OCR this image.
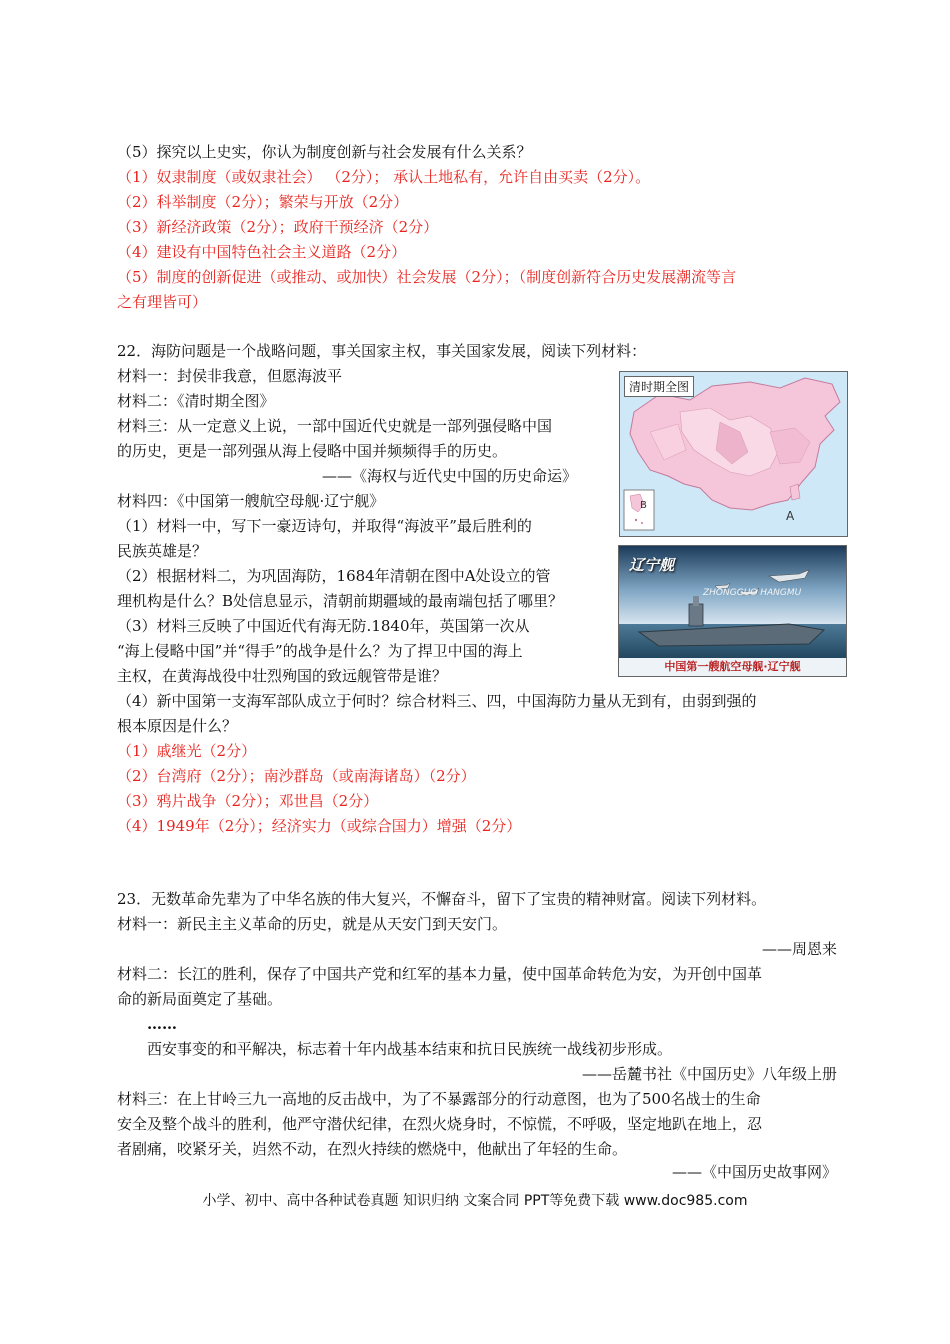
（5）探究以上史实，你认为制度创新与社会发展有什么关系？
（1）奴隶制度（或奴隶社会） （2分）； 承认土地私有，允许自由买卖（2分）。
（2）科举制度（2分）；繁荣与开放（2分）
（3）新经济政策（2分）；政府干预经济（2分）
（4）建设有中国特色社会主义道路（2分）
（5）制度的创新促进（或推动、或加快）社会发展（2分）；（制度创新符合历史发展潮流等言
之有理皆可）
22．海防问题是一个战略问题，事关国家主权，事关国家发展，阅读下列材料：
材料一：封侯非我意，但愿海波平
材料二：《清时期全图》
材料三：从一定意义上说，一部中国近代史就是一部列强侵略中国
的历史，更是一部列强从海上侵略中国并频频得手的历史。
——《海权与近代史中国的历史命运》
材料四：《中国第一艘航空母舰·辽宁舰》
（1）材料一中，写下一豪迈诗句，并取得“海波平”最后胜利的
民族英雄是？
（2）根据材料二，为巩固海防，1684年清朝在图中A处设立的管
理机构是什么？B处信息显示，清朝前期疆域的最南端包括了哪里？
（3）材料三反映了中国近代有海无防.1840年，英国第一次从
“海上侵略中国”并“得手”的战争是什么？为了捍卫中国的海上
主权，在黄海战役中壮烈殉国的致远舰管带是谁？
（4）新中国第一支海军部队成立于何时？综合材料三、四，中国海防力量从无到有，由弱到强的
根本原因是什么？
（1）戚继光（2分）
（2）台湾府（2分）；南沙群岛（或南海诸岛）（2分）
（3）鸦片战争（2分）；邓世昌（2分）
（4）1949年（2分）；经济实力（或综合国力）增强（2分）
B
A
清时期全图
辽宁舰
ZHONGGUO HANGMU
中国第一艘航空母舰·辽宁舰
23．无数革命先辈为了中华名族的伟大复兴，不懈奋斗，留下了宝贵的精神财富。阅读下列材料。
材料一：新民主主义革命的历史，就是从天安门到天安门。
——周恩来
材料二：长江的胜利，保存了中国共产党和红军的基本力量，使中国革命转危为安，为开创中国革
命的新局面奠定了基础。
……
西安事变的和平解决，标志着十年内战基本结束和抗日民族统一战线初步形成。
——岳麓书社《中国历史》八年级上册
材料三：在上甘岭三九一高地的反击战中，为了不暴露部分的行动意图，也为了500名战士的生命
安全及整个战斗的胜利，他严守潜伏纪律，在烈火烧身时，不惊慌，不呼吸，坚定地趴在地上，忍
者剧痛，咬紧牙关，岿然不动，在烈火持续的燃烧中，他献出了年轻的生命。
——《中国历史故事网》
小学、初中、高中各种试卷真题 知识归纳 文案合同 PPT等免费下载 www.doc985.com
